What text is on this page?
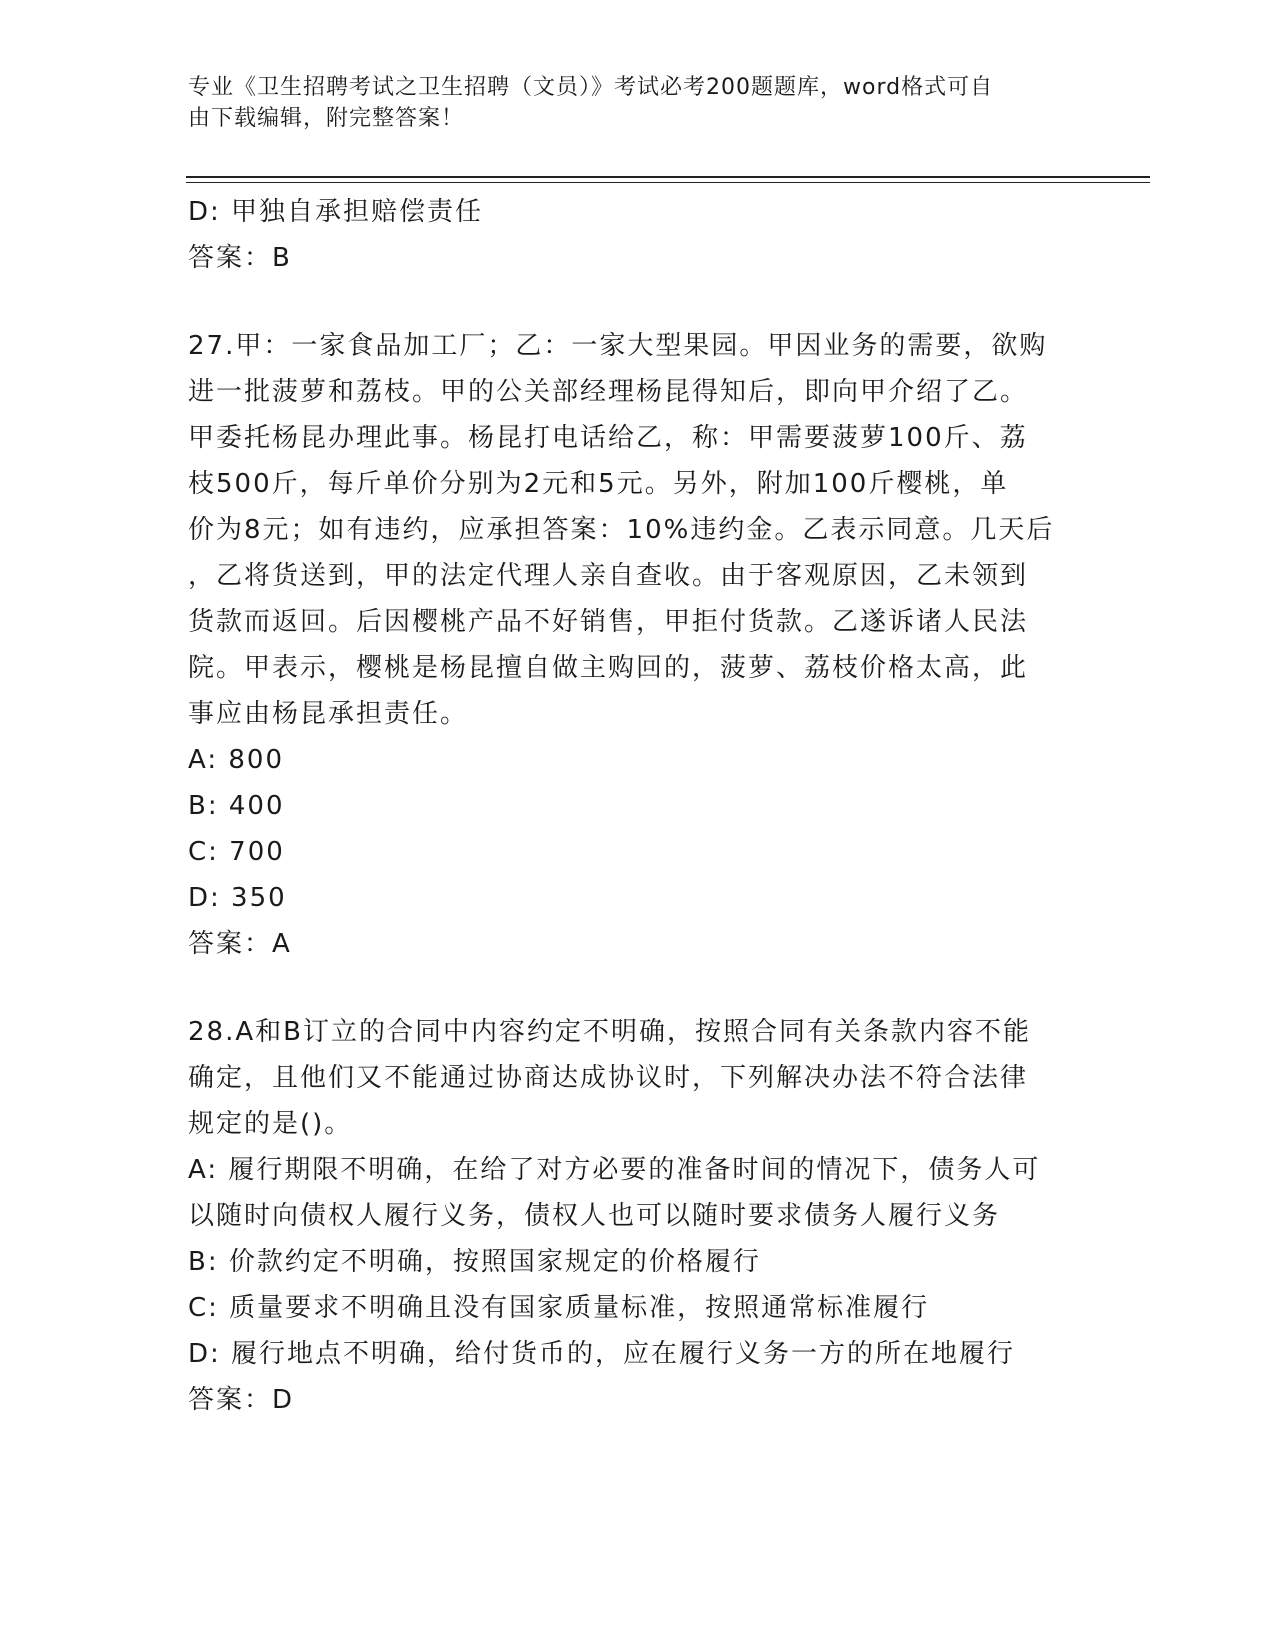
专业《卫生招聘考试之卫生招聘（文员）》考试必考200题题库，word格式可自
由下载编辑，附完整答案！
D: 甲独自承担赔偿责任
答案：B
27.甲：一家食品加工厂；乙：一家大型果园。甲因业务的需要，欲购
进一批菠萝和荔枝。甲的公关部经理杨昆得知后，即向甲介绍了乙。
甲委托杨昆办理此事。杨昆打电话给乙，称：甲需要菠萝100斤、荔
枝500斤，每斤单价分别为2元和5元。另外，附加100斤樱桃，单
价为8元；如有违约，应承担答案：10%违约金。乙表示同意。几天后
，乙将货送到，甲的法定代理人亲自查收。由于客观原因，乙未领到
货款而返回。后因樱桃产品不好销售，甲拒付货款。乙遂诉诸人民法
院。甲表示，樱桃是杨昆擅自做主购回的，菠萝、荔枝价格太高，此
事应由杨昆承担责任。
A: 800
B: 400
C: 700
D: 350
答案：A
28.A和B订立的合同中内容约定不明确，按照合同有关条款内容不能
确定，且他们又不能通过协商达成协议时，下列解决办法不符合法律
规定的是()。
A: 履行期限不明确，在给了对方必要的准备时间的情况下，债务人可
以随时向债权人履行义务，债权人也可以随时要求债务人履行义务
B: 价款约定不明确，按照国家规定的价格履行
C: 质量要求不明确且没有国家质量标准，按照通常标准履行
D: 履行地点不明确，给付货币的，应在履行义务一方的所在地履行
答案：D
